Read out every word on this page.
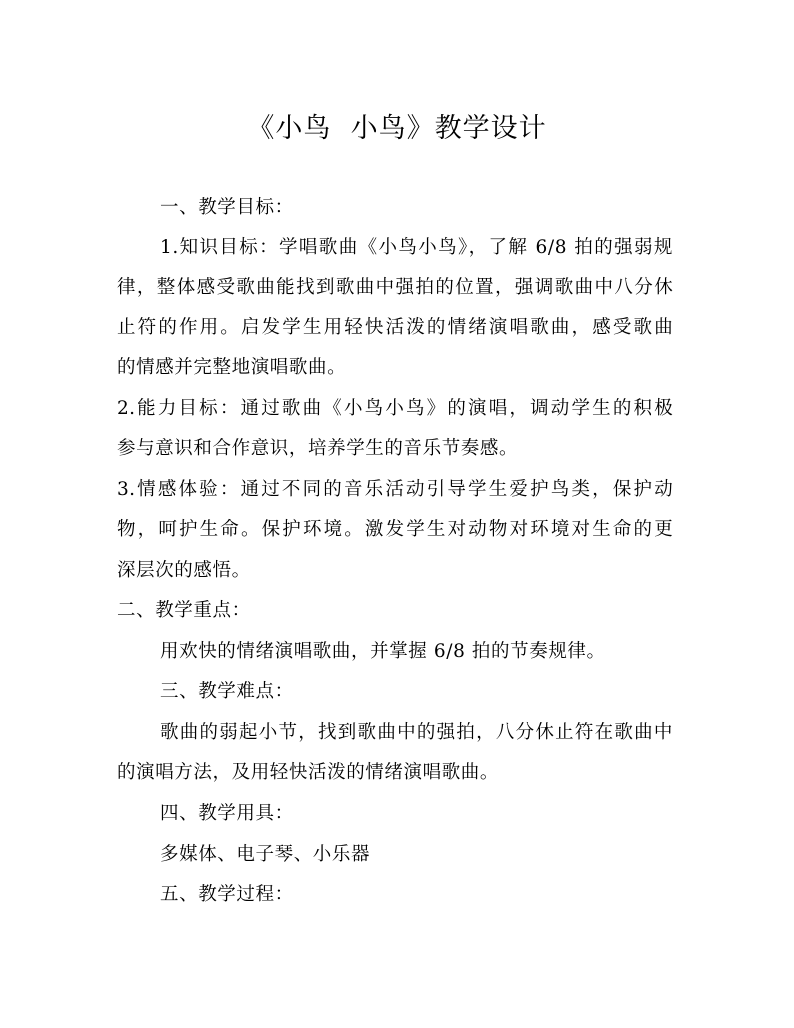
《小鸟  小鸟》教学设计
一、教学目标：
1.知识目标：学唱歌曲《小鸟小鸟》，了解 6/8 拍的强弱规
律，整体感受歌曲能找到歌曲中强拍的位置，强调歌曲中八分休
止符的作用。启发学生用轻快活泼的情绪演唱歌曲，感受歌曲
的情感并完整地演唱歌曲。
2.能力目标：通过歌曲《小鸟小鸟》的演唱，调动学生的积极
参与意识和合作意识，培养学生的音乐节奏感。
3.情感体验：通过不同的音乐活动引导学生爱护鸟类，保护动
物，呵护生命。保护环境。激发学生对动物对环境对生命的更
深层次的感悟。
二、教学重点：
用欢快的情绪演唱歌曲，并掌握 6/8 拍的节奏规律。
三、教学难点：
歌曲的弱起小节，找到歌曲中的强拍，八分休止符在歌曲中
的演唱方法，及用轻快活泼的情绪演唱歌曲。
四、教学用具：
多媒体、电子琴、小乐器
五、教学过程：
